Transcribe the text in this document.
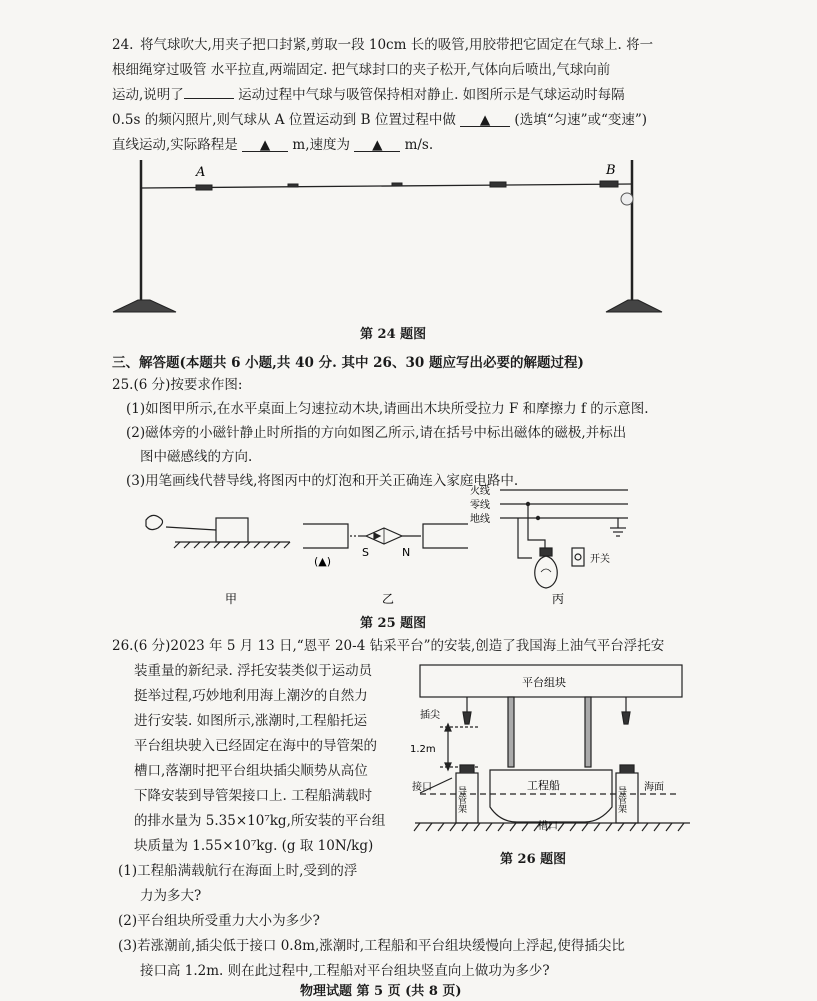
24. 将气球吹大,用夹子把口封紧,剪取一段 10cm 长的吸管,用胶带把它固定在气球上. 将一
根细绳穿过吸管 水平拉直,两端固定. 把气球封口的夹子松开,气体向后喷出,气球向前
运动,说明了	运动过程中气球与吸管保持相对静止. 如图所示是气球运动时每隔
0.5s 的频闪照片,则气球从 A 位置运动到 B 位置过程中做 ▲ (选填“匀速”或“变速”)
直线运动,实际路程是 ▲ m,速度为 ▲ m/s.
A	B
(▲)
S	N
火线
零线
地线
开关
甲	乙	丙
平台组块
插尖
1.2m
接口	工程船	海面
槽口
导管架	导管架
第 24 题图
三、解答题(本题共 6 小题,共 40 分. 其中 26、30 题应写出必要的解题过程)
25.(6 分)按要求作图:
(1)如图甲所示,在水平桌面上匀速拉动木块,请画出木块所受拉力 F 和摩擦力 f 的示意图.
(2)磁体旁的小磁针静止时所指的方向如图乙所示,请在括号中标出磁体的磁极,并标出
图中磁感线的方向.
(3)用笔画线代替导线,将图丙中的灯泡和开关正确连入家庭电路中.
第 25 题图
26.(6 分)2023 年 5 月 13 日,“恩平 20-4 钻采平台”的安装,创造了我国海上油气平台浮托安
装重量的新纪录. 浮托安装类似于运动员
挺举过程,巧妙地利用海上潮汐的自然力
进行安装. 如图所示,涨潮时,工程船托运
平台组块驶入已经固定在海中的导管架的
槽口,落潮时把平台组块插尖顺势从高位
下降安装到导管架接口上. 工程船满载时
的排水量为 5.35×10⁷kg,所安装的平台组
块质量为 1.55×10⁷kg. (g 取 10N/kg)
(1)工程船满载航行在海面上时,受到的浮
力为多大?
(2)平台组块所受重力大小为多少?
(3)若涨潮前,插尖低于接口 0.8m,涨潮时,工程船和平台组块缓慢向上浮起,使得插尖比
接口高 1.2m. 则在此过程中,工程船对平台组块竖直向上做功为多少?
第 26 题图
物理试题 第 5 页 (共 8 页)
